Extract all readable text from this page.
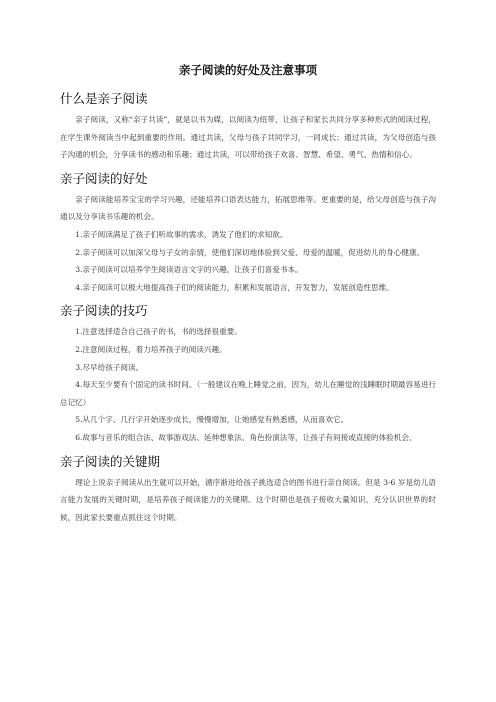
亲子阅读的好处及注意事项
什么是亲子阅读

亲子阅读，又称“亲子共读”，就是以书为媒，以阅读为纽带，让孩子和家长共同分享多种形式的阅读过程，在学生课外阅读当中起到重要的作用。通过共读，父母与孩子共同学习，一同成长；通过共读，为父母创造与孩子沟通的机会，分享读书的感动和乐趣；通过共读，可以带给孩子欢喜、智慧、希望、勇气、热情和信心。

亲子阅读的好处

亲子阅读能培养宝宝的学习兴趣，还能培养口语表达能力，拓展思维等。更重要的是，给父母创造与孩子沟通以及分享读书乐趣的机会。

1.亲子阅读满足了孩子们听故事的需求，诱发了他们的求知欲。

2.亲子阅读可以加深父母与子女的亲情，使他们深切地体验到父爱、母爱的温暖，促进幼儿的身心健康。

3.亲子阅读可以培养学生阅读语言文字的兴趣，让孩子们喜爱书本。

4.亲子阅读可以极大地提高孩子们的阅读能力，积累和发展语言，开发智力，发展创造性思维。

亲子阅读的技巧

1.注意选择适合自己孩子的书，书的选择很重要。

2.注意阅读过程，着力培养孩子的阅读兴趣。

3.尽早给孩子阅读。

4.每天至少要有个固定的读书时间。（一般建议在晚上睡觉之前，因为，幼儿在睡觉的浅睡眠时期最容易进行总记忆）

5.从几个字、几行字开始逐步成长，慢慢增加，让她感觉有熟悉感，从而喜欢它。

6.故事与音乐的组合法、故事游戏法、延伸想象法、角色扮演法等，让孩子有间接或直接的体验机会。

亲子阅读的关键期

理论上说亲子阅读从出生就可以开始，循序渐进给孩子挑选适合的图书进行亲自阅读。但是 3-6 岁是幼儿语言能力发展的关键时期，是培养孩子阅读能力的关键期。这个时期也是孩子接收大量知识，充分认识世界的时候，因此家长要重点抓住这个时期。
